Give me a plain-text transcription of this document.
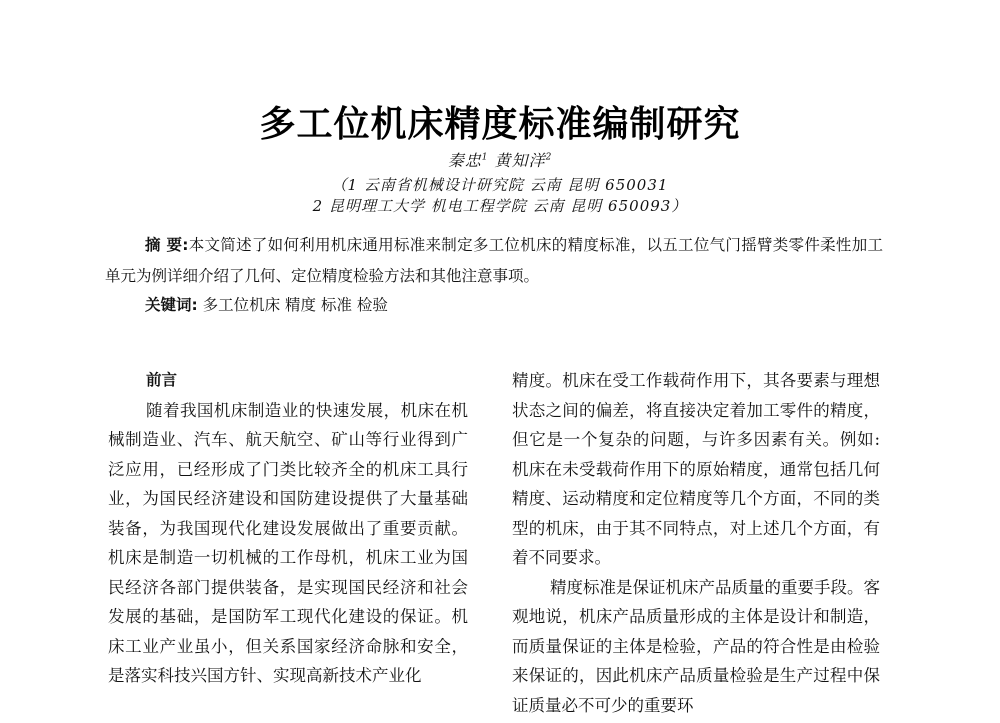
多工位机床精度标准编制研究
秦忠$^1$ 黄知洋$^2$
（1 云南省机械设计研究院 云南 昆明 650031
2 昆明理工大学 机电工程学院 云南 昆明 650093）
摘 要:本文简述了如何利用机床通用标准来制定多工位机床的精度标准，以五工位气门摇臂类零件柔性加工单元为例详细介绍了几何、定位精度检验方法和其他注意事项。
关键词: 多工位机床 精度 标准 检验
前言

随着我国机床制造业的快速发展，机床在机械制造业、汽车、航天航空、矿山等行业得到广泛应用，已经形成了门类比较齐全的机床工具行业，为国民经济建设和国防建设提供了大量基础装备，为我国现代化建设发展做出了重要贡献。机床是制造一切机械的工作母机，机床工业为国民经济各部门提供装备，是实现国民经济和社会发展的基础，是国防军工现代化建设的保证。机床工业产业虽小，但关系国家经济命脉和安全，是落实科技兴国方针、实现高新技术产业化

精度。机床在受工作载荷作用下，其各要素与理想状态之间的偏差，将直接决定着加工零件的精度，但它是一个复杂的问题，与许多因素有关。例如:机床在未受载荷作用下的原始精度，通常包括几何精度、运动精度和定位精度等几个方面，不同的类型的机床，由于其不同特点，对上述几个方面，有着不同要求。

精度标准是保证机床产品质量的重要手段。客观地说，机床产品质量形成的主体是设计和制造，而质量保证的主体是检验，产品的符合性是由检验来保证的，因此机床产品质量检验是生产过程中保证质量必不可少的重要环
